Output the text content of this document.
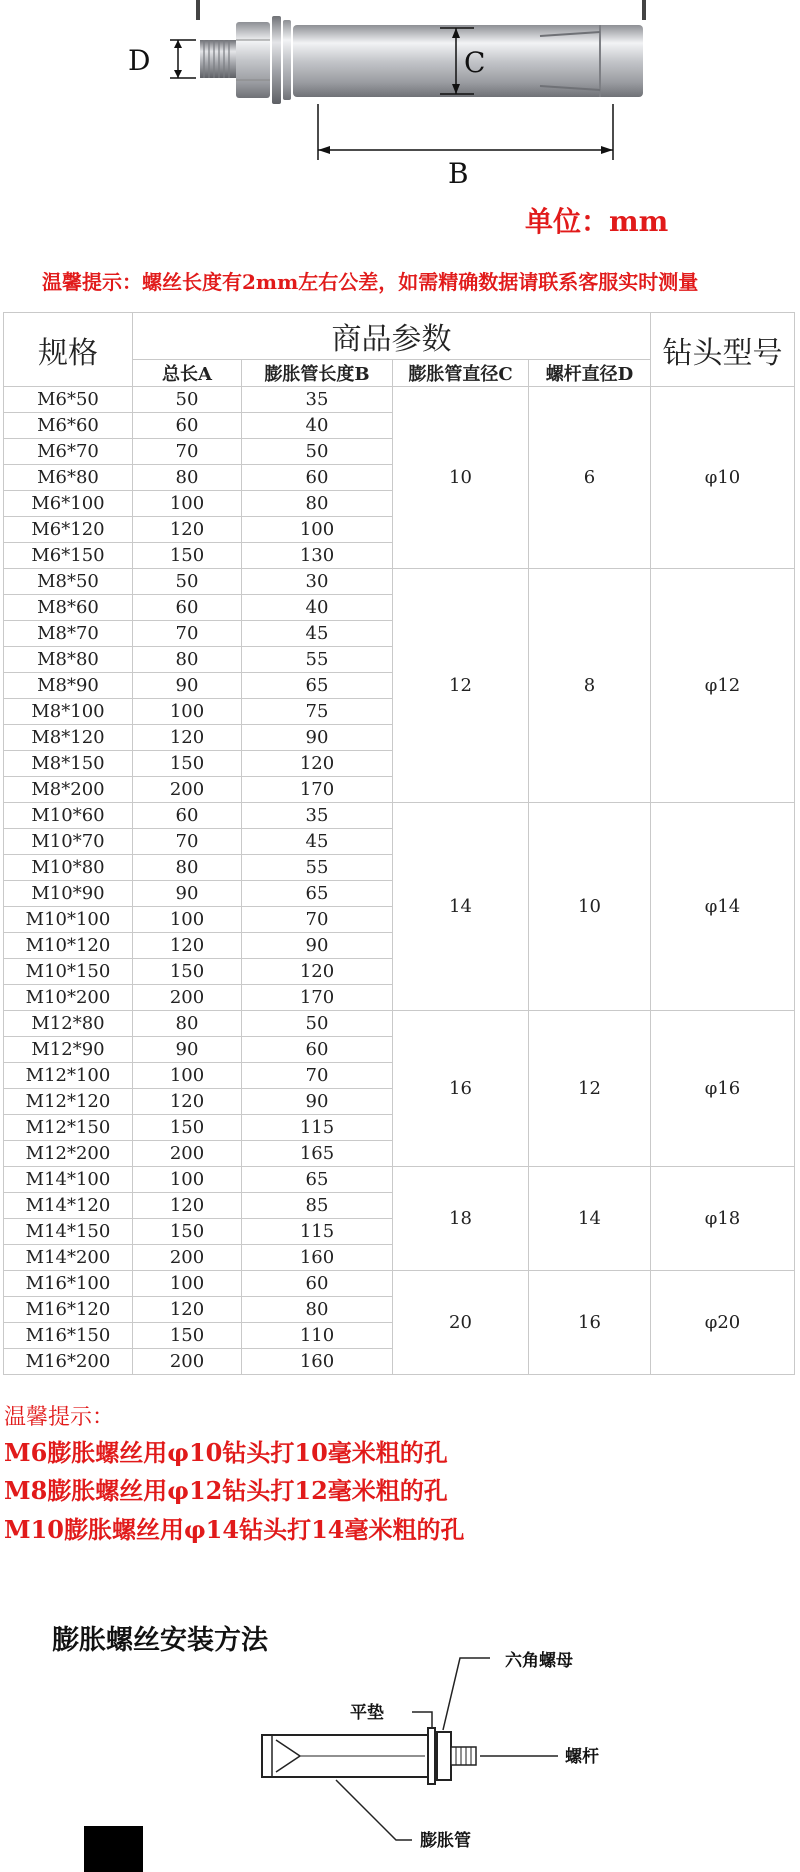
D	C
B
单位：mm
温馨提示：螺丝长度有2mm左右公差，如需精确数据请联系客服实时测量
规格	商品参数				钻头型号
	总长A	膨胀管长度B	膨胀管直径C	螺杆直径D	
M6*50	50	35	10	6	φ10
M6*60	60	40			
M6*70	70	50			
M6*80	80	60			
M6*100	100	80			
M6*120	120	100			
M6*150	150	130			
M8*50	50	30	12	8	φ12
M8*60	60	40			
M8*70	70	45			
M8*80	80	55			
M8*90	90	65			
M8*100	100	75			
M8*120	120	90			
M8*150	150	120			
M8*200	200	170			
M10*60	60	35	14	10	φ14
M10*70	70	45			
M10*80	80	55			
M10*90	90	65			
M10*100	100	70			
M10*120	120	90			
M10*150	150	120			
M10*200	200	170			
M12*80	80	50	16	12	φ16
M12*90	90	60			
M12*100	100	70			
M12*120	120	90			
M12*150	150	115			
M12*200	200	165			
M14*100	100	65	18	14	φ18
M14*120	120	85			
M14*150	150	115			
M14*200	200	160			
M16*100	100	60	20	16	φ20
M16*120	120	80			
M16*150	150	110			
M16*200	200	160			
温馨提示：
M6膨胀螺丝用φ10钻头打10毫米粗的孔
M8膨胀螺丝用φ12钻头打12毫米粗的孔
M10膨胀螺丝用φ14钻头打14毫米粗的孔
膨胀螺丝安装方法
六角螺母
平垫
螺杆
膨胀管
